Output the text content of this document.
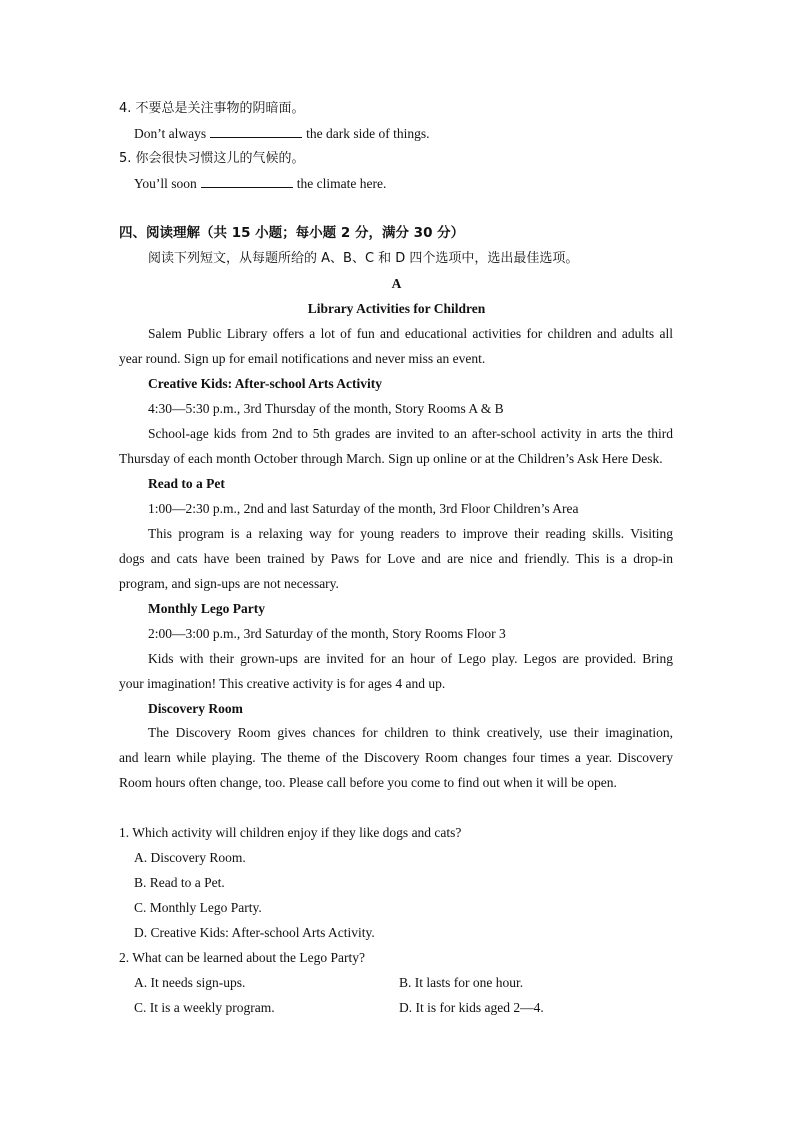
4. 不要总是关注事物的阴暗面。
Don’t always	the dark side of things.
5. 你会很快习惯这儿的气候的。
You’ll soon	the climate here.
四、阅读理解（共 15 小题；每小题 2 分，满分 30 分）
阅读下列短文，从每题所给的 A、B、C 和 D 四个选项中，选出最佳选项。
A
Library Activities for Children
Salem Public Library offers a lot of fun and educational activities for children and adults all
year round. Sign up for email notifications and never miss an event.
Creative Kids: After-school Arts Activity
4:30—5:30 p.m., 3rd Thursday of the month, Story Rooms A & B
School-age kids from 2nd to 5th grades are invited to an after-school activity in arts the third
Thursday of each month October through March. Sign up online or at the Children’s Ask Here Desk.
Read to a Pet
1:00—2:30 p.m., 2nd and last Saturday of the month, 3rd Floor Children’s Area
This program is a relaxing way for young readers to improve their reading skills. Visiting
dogs and cats have been trained by Paws for Love and are nice and friendly. This is a drop-in
program, and sign-ups are not necessary.
Monthly Lego Party
2:00—3:00 p.m., 3rd Saturday of the month, Story Rooms Floor 3
Kids with their grown-ups are invited for an hour of Lego play. Legos are provided. Bring
your imagination! This creative activity is for ages 4 and up.
Discovery Room
The Discovery Room gives chances for children to think creatively, use their imagination,
and learn while playing. The theme of the Discovery Room changes four times a year. Discovery
Room hours often change, too. Please call before you come to find out when it will be open.
1. Which activity will children enjoy if they like dogs and cats?
A. Discovery Room.
B. Read to a Pet.
C. Monthly Lego Party.
D. Creative Kids: After-school Arts Activity.
2. What can be learned about the Lego Party?
A. It needs sign-ups.	B. It lasts for one hour.
C. It is a weekly program.	D. It is for kids aged 2—4.
